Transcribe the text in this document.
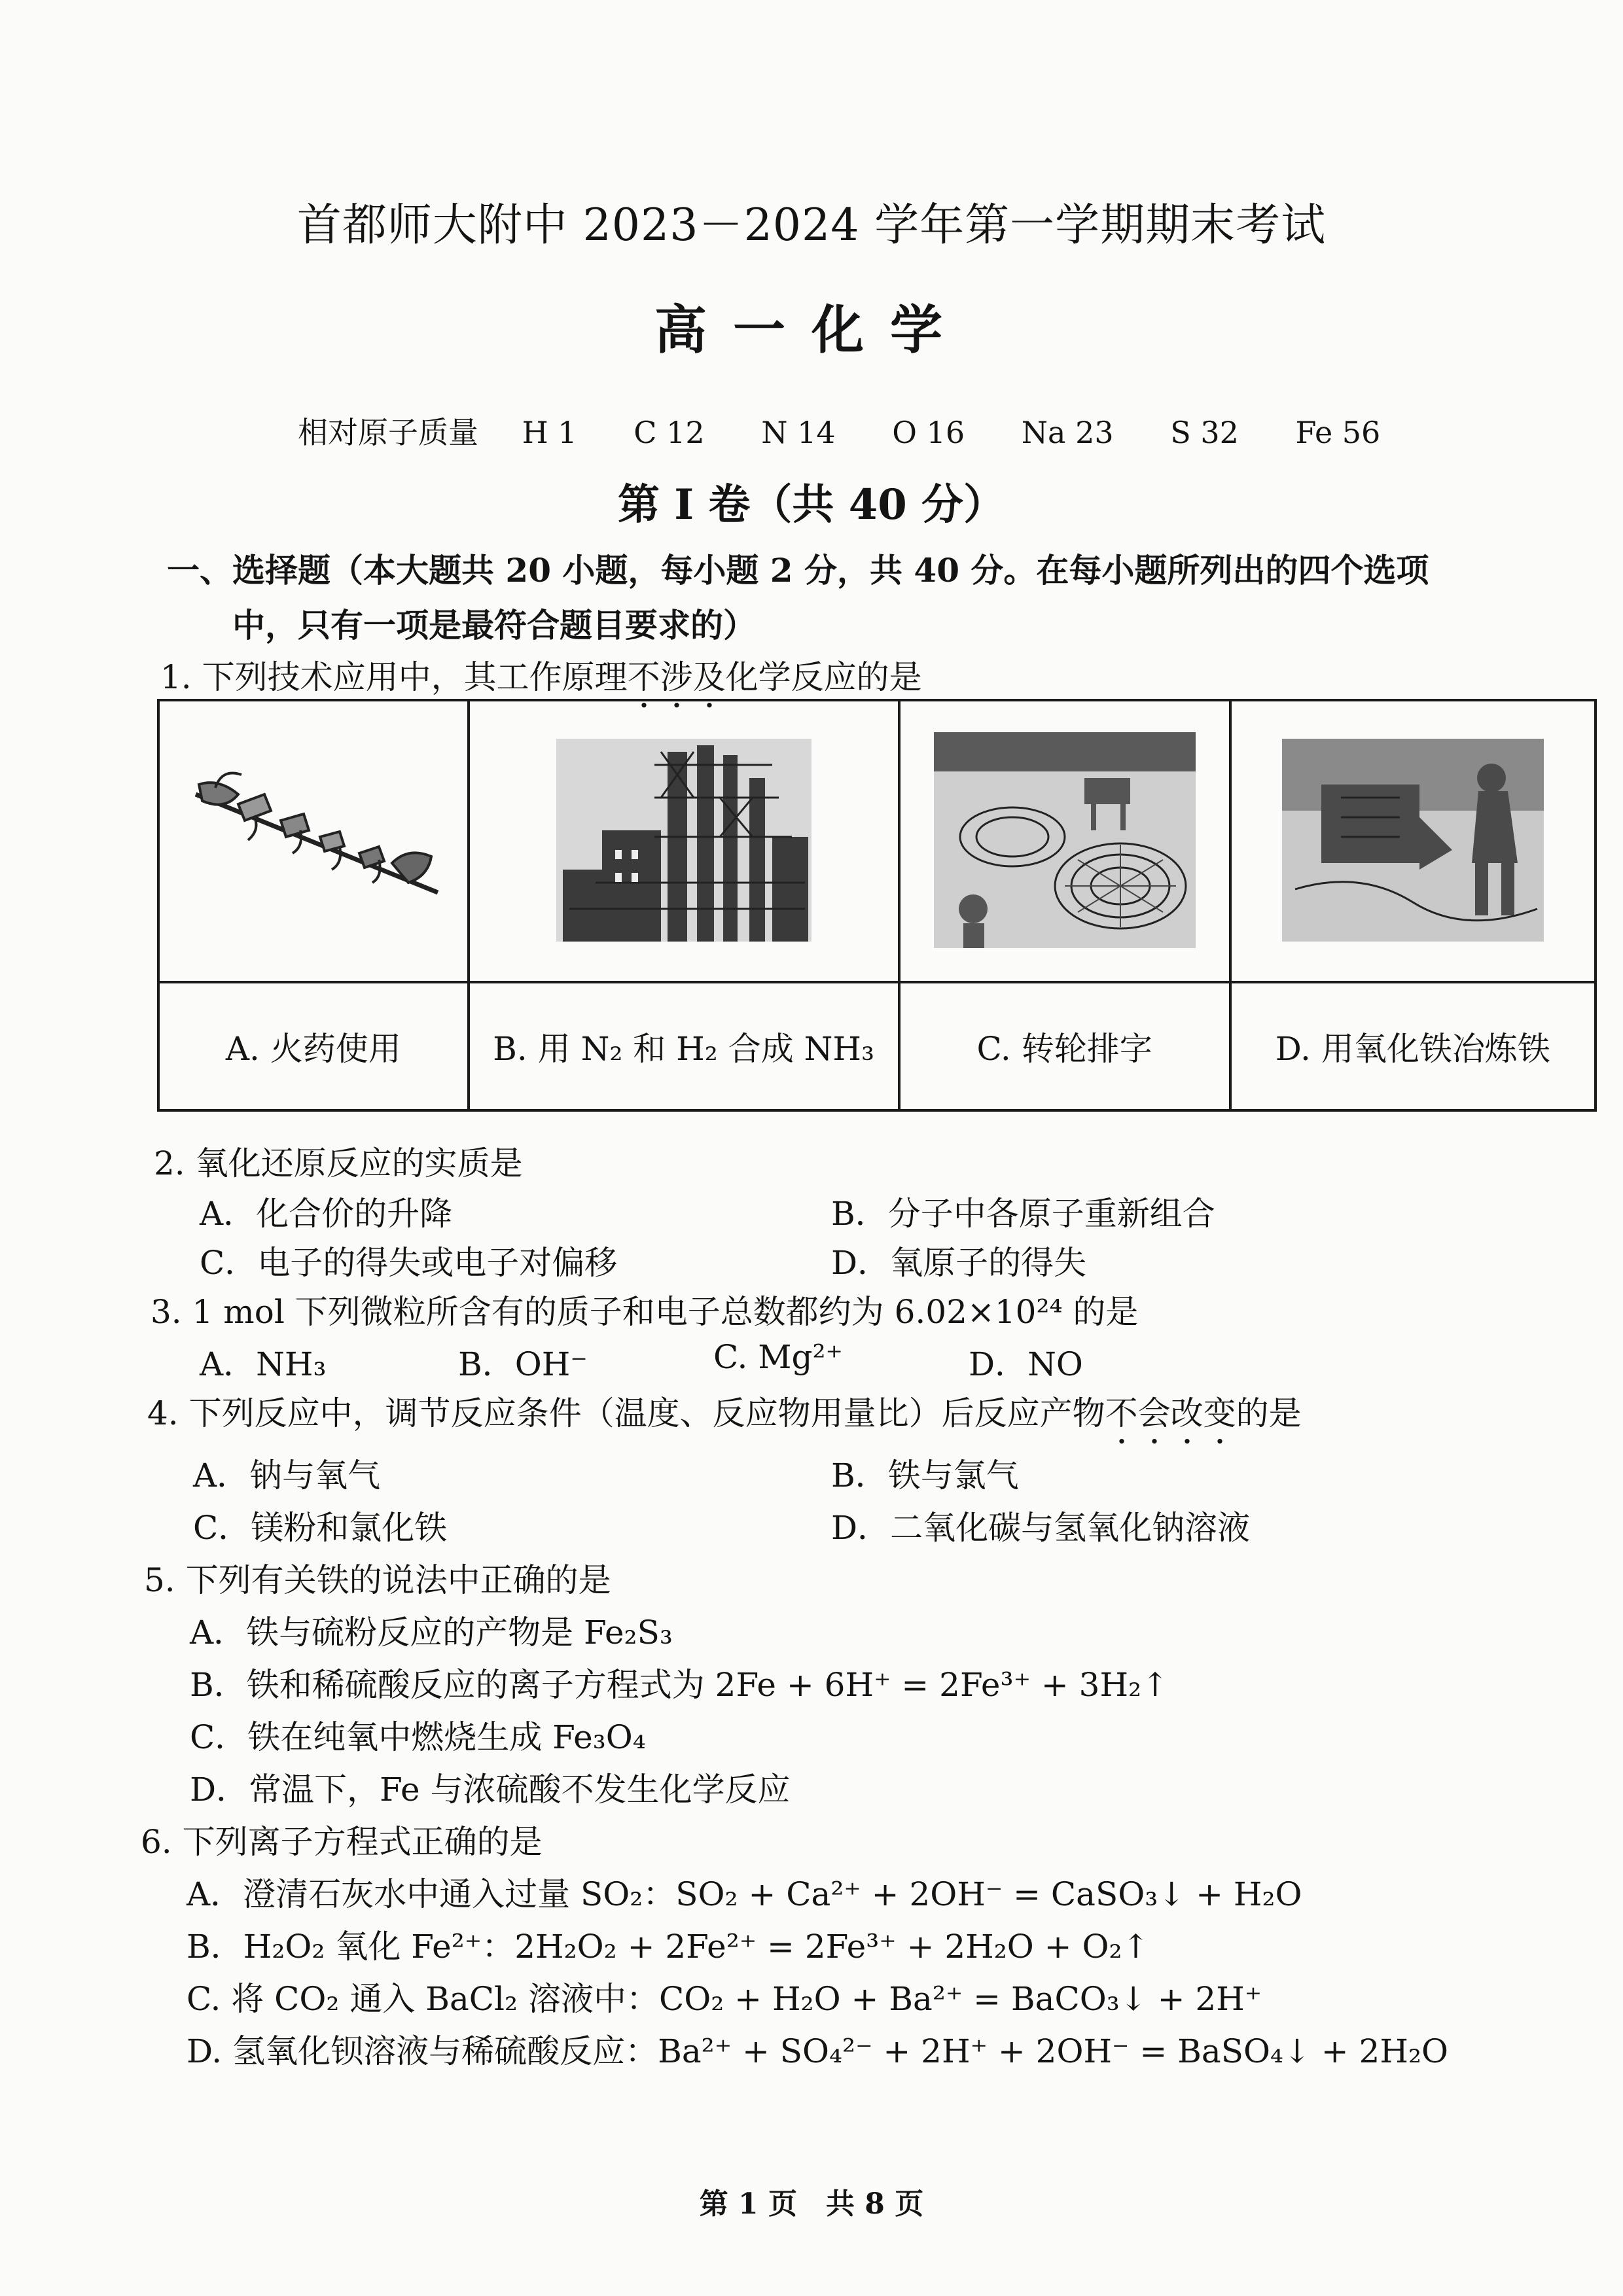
首都师大附中 2023－2024 学年第一学期期末考试
高一化学
相对原子质量 H 1 C 12 N 14 O 16 Na 23 S 32 Fe 56
第 I 卷（共 40 分）
一、选择题（本大题共 20 小题，每小题 2 分，共 40 分。在每小题所列出的四个选项
中，只有一项是最符合题目要求的）
1. 下列技术应用中，其工作原理不涉及化学反应的是

A. 火药使用	B. 用 N₂ 和 H₂ 合成 NH₃	C. 转轮排字	D. 用氧化铁冶炼铁
2. 氧化还原反应的实质是
A．化合价的升降	B．分子中各原子重新组合
C．电子的得失或电子对偏移	D．氧原子的得失
3. 1 mol 下列微粒所含有的质子和电子总数都约为 6.02×10²⁴ 的是
A．NH₃	B．OH⁻	C. Mg²⁺	D．NO
4. 下列反应中，调节反应条件（温度、反应物用量比）后反应产物不会改变的是
A．钠与氧气	B．铁与氯气
C．镁粉和氯化铁	D．二氧化碳与氢氧化钠溶液
5. 下列有关铁的说法中正确的是
A．铁与硫粉反应的产物是 Fe₂S₃
B．铁和稀硫酸反应的离子方程式为 2Fe + 6H⁺ = 2Fe³⁺ + 3H₂↑
C．铁在纯氧中燃烧生成 Fe₃O₄
D．常温下，Fe 与浓硫酸不发生化学反应
6. 下列离子方程式正确的是
A．澄清石灰水中通入过量 SO₂：SO₂ + Ca²⁺ + 2OH⁻ = CaSO₃↓ + H₂O
B．H₂O₂ 氧化 Fe²⁺：2H₂O₂ + 2Fe²⁺ = 2Fe³⁺ + 2H₂O + O₂↑
C. 将 CO₂ 通入 BaCl₂ 溶液中：CO₂ + H₂O + Ba²⁺ = BaCO₃↓ + 2H⁺
D. 氢氧化钡溶液与稀硫酸反应：Ba²⁺ + SO₄²⁻ + 2H⁺ + 2OH⁻ = BaSO₄↓ + 2H₂O
第 1 页　共 8 页
